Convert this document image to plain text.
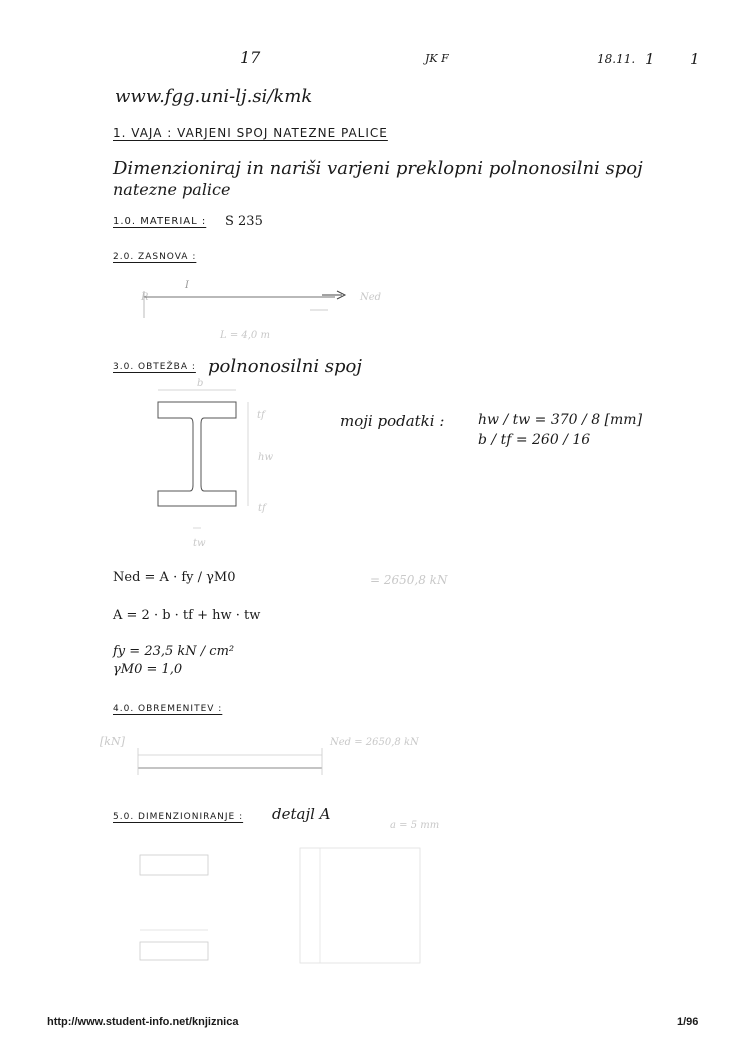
17	JK F	18.11. 1 1
www.fgg.uni-lj.si/kmk
1. VAJA : VARJENI SPOJ NATEZNE PALICE
Dimenzioniraj in nariši varjeni preklopni polnonosilni spoj
natezne palice
1.0. MATERIAL : S 235
2.0. ZASNOVA :
R
I
Ned
L = 4,0 m
3.0. OBTEŽBA : polnonosilni spoj
b
tf
hw
tf
tw
moji podatki : hw / tw = 370 / 8 [mm]
b / tf = 260 / 16
Ned = A · fy / γM0	= 2650,8 kN
A = 2 · b · tf + hw · tw
fy = 23,5 kN / cm²
γM0 = 1,0
4.0. OBREMENITEV :
[kN]	Ned = 2650,8 kN
5.0. DIMENZIONIRANJE : detajl A
a = 5 mm
http://www.student-info.net/knjiznica	1/96
